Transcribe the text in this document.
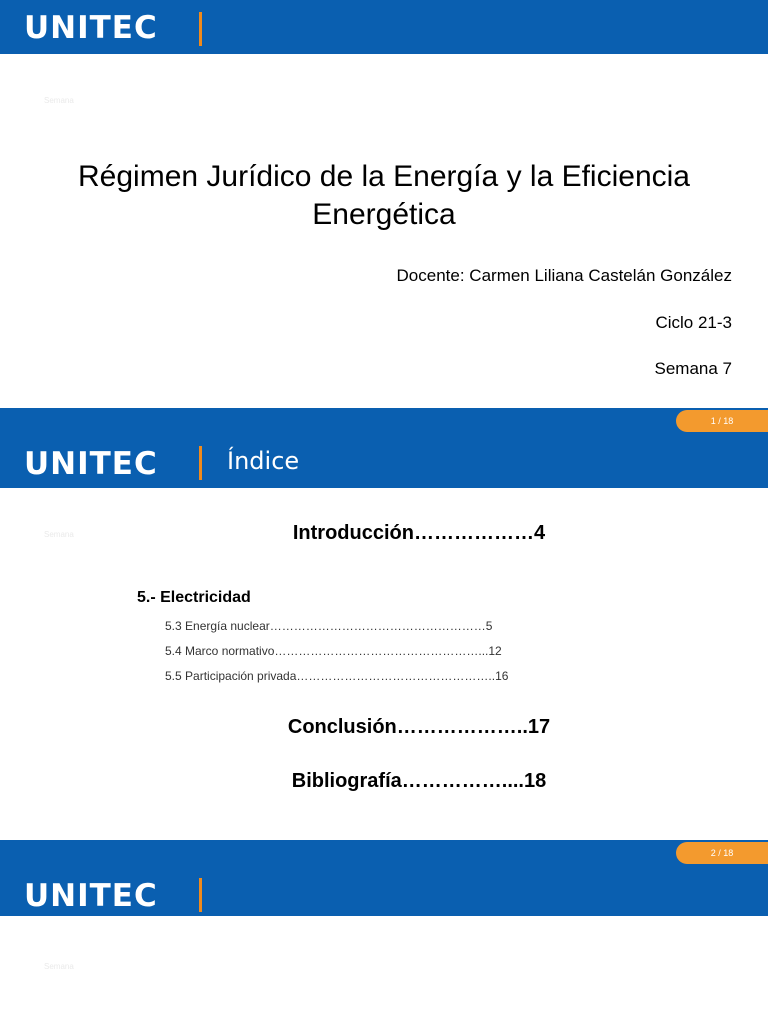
UNITEC
Semana
Régimen Jurídico de la Energía y la Eficiencia
Energética
Docente: Carmen Liliana Castelán González
Ciclo 21-3
Semana 7
1 / 18
UNITEC	Índice
Semana	Introducción………………4
5.- Electricidad
5.3 Energía nuclear………………………………………………5
5.4 Marco normativo……………………………………………...12
5.5 Participación privada…………………………………………..16
Conclusión………………..17
Bibliografía……………....18
2 / 18
UNITEC
Semana
